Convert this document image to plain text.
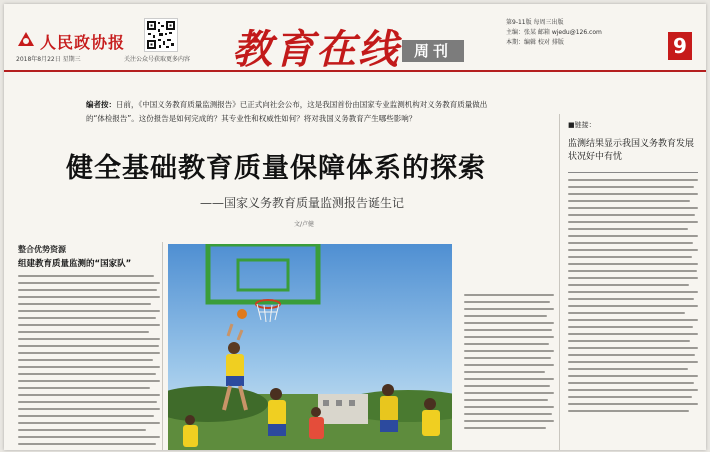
人民政协报
2018年8月22日 星期三	关注公众号获取更多内容 教育在线 周刊
第9-11版 每周三出版
主编：张某 邮箱 wjedu@126.com
本期：编辑 校对 排版	9
编者按：日前，《中国义务教育质量监测报告》已正式向社会公布，这是我国首份由国家专业监测机构对义务教育质量做出的“体检报告”。这份报告是如何完成的？其专业性和权威性如何？将对我国义务教育产生哪些影响？
健全基础教育质量保障体系的探索
——国家义务教育质量监测报告诞生记
文/卢健
整合优势资源
组建教育质量监测的“国家队”
■链接：
监测结果显示我国义务教育发展状况好中有忧
